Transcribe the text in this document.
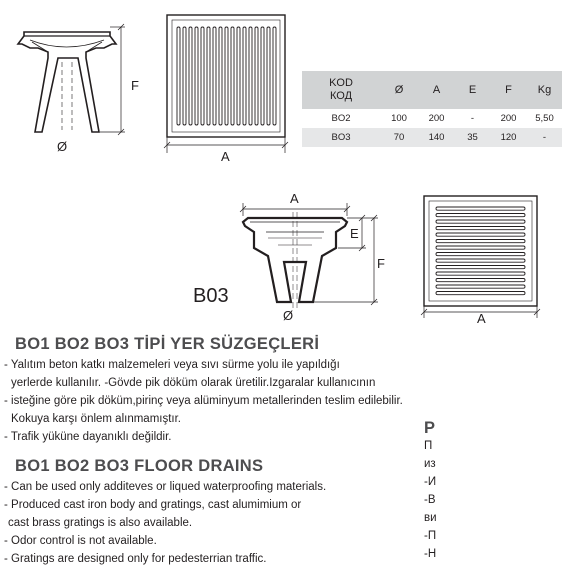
F
Ø
A
A
E
F
Ø
B03
A
KOD
КОД	Ø	A	E	F	Kg
BO2	100	200	-	200	5,50
BO3	70	140	35	120	-
BO1 BO2 BO3 TİPİ YER SÜZGEÇLERİ
- Yalıtım beton katkı malzemeleri veya sıvı sürme yolu ile yapıldığı
yerlerde kullanılır. -Gövde pik döküm olarak üretilir.Izgaralar kullanıcının
- isteğine göre pik döküm,pirinç veya alüminyum metallerinden teslim edilebilir.
Kokuya karşı önlem alınmamıştır.
- Trafik yüküne dayanıklı değildir.
BO1 BO2 BO3 FLOOR DRAINS
- Can be used only additeves or liqued waterproofing materials.
- Produced cast iron body and gratings, cast alumimium or
cast brass gratings is also available.
- Odor control is not available.
- Gratings are designed only for pedesterrian traffic.
Р
П
из
-И
-В
ви
-П
-Н
